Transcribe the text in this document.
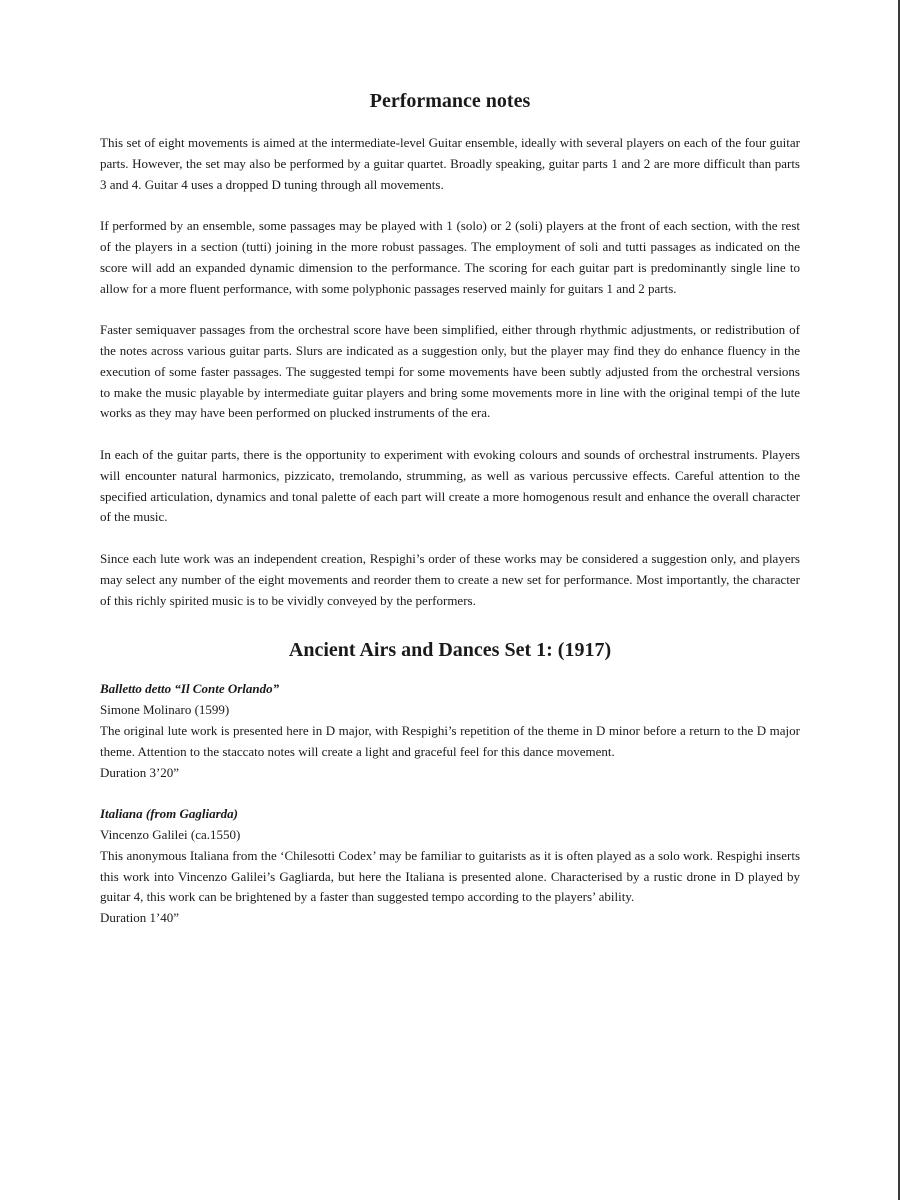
Performance notes

This set of eight movements is aimed at the intermediate-level Guitar ensemble, ideally with several players on each of the four guitar parts. However, the set may also be performed by a guitar quartet. Broadly speaking, guitar parts 1 and 2 are more difficult than parts 3 and 4. Guitar 4 uses a dropped D tuning through all movements.

If performed by an ensemble, some passages may be played with 1 (solo) or 2 (soli) players at the front of each section, with the rest of the players in a section (tutti) joining in the more robust passages. The employment of soli and tutti passages as indicated on the score will add an expanded dynamic dimension to the performance. The scoring for each guitar part is predominantly single line to allow for a more fluent performance, with some polyphonic passages reserved mainly for guitars 1 and 2 parts.

Faster semiquaver passages from the orchestral score have been simplified, either through rhythmic adjustments, or redistribution of the notes across various guitar parts. Slurs are indicated as a suggestion only, but the player may find they do enhance fluency in the execution of some faster passages. The suggested tempi for some movements have been subtly adjusted from the orchestral versions to make the music playable by intermediate guitar players and bring some movements more in line with the original tempi of the lute works as they may have been performed on plucked instruments of the era.

In each of the guitar parts, there is the opportunity to experiment with evoking colours and sounds of orchestral instruments. Players will encounter natural harmonics, pizzicato, tremolando, strumming, as well as various percussive effects. Careful attention to the specified articulation, dynamics and tonal palette of each part will create a more homogenous result and enhance the overall character of the music.

Since each lute work was an independent creation, Respighi’s order of these works may be considered a suggestion only, and players may select any number of the eight movements and reorder them to create a new set for performance. Most importantly, the character of this richly spirited music is to be vividly conveyed by the performers.

Ancient Airs and Dances Set 1: (1917)
Balletto detto “Il Conte Orlando”
Simone Molinaro (1599)
The original lute work is presented here in D major, with Respighi’s repetition of the theme in D minor before a return to the D major theme. Attention to the staccato notes will create a light and graceful feel for this dance movement.
Duration 3’20”
Italiana (from Gagliarda)
Vincenzo Galilei (ca.1550)
This anonymous Italiana from the ‘Chilesotti Codex’ may be familiar to guitarists as it is often played as a solo work. Respighi inserts this work into Vincenzo Galilei’s Gagliarda, but here the Italiana is presented alone. Characterised by a rustic drone in D played by guitar 4, this work can be brightened by a faster than suggested tempo according to the players’ ability.
Duration 1’40”
